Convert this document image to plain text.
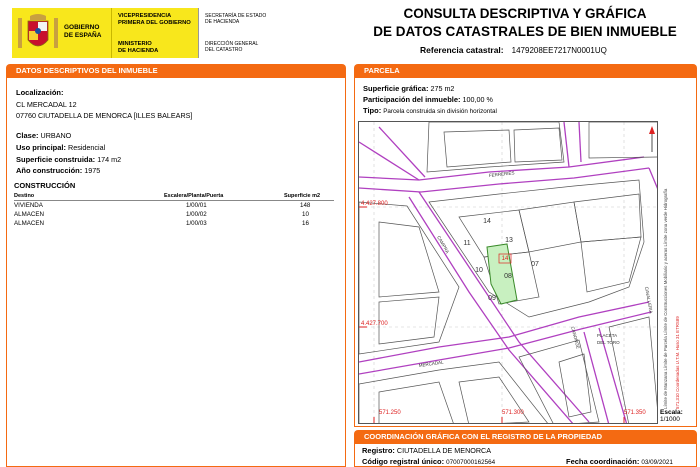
GOBIERNO
DE ESPAÑA
VICEPRESIDENCIA
PRIMERA DEL GOBIERNO
MINISTERIO
DE HACIENDA
SECRETARÍA DE ESTADO
DE HACIENDA
DIRECCIÓN GENERAL
DEL CATASTRO
CONSULTA DESCRIPTIVA Y GRÁFICA
DE DATOS CATASTRALES DE BIEN INMUEBLE
Referencia catastral: 1479208EE7217N0001UQ
DATOS DESCRIPTIVOS DEL INMUEBLE
Localización:
CL MERCADAL 12
07760 CIUTADELLA DE MENORCA [ILLES BALEARS]
Clase: URBANO
Uso principal: Residencial
Superficie construida: 174 m2
Año construcción: 1975
CONSTRUCCIÓN
Destino	Escalera/Planta/Puerta	Superficie m2
VIVIENDA	1/00/01	148
ALMACEN	1/00/02	10
ALMACEN	1/00/03	16
PARCELA
Superficie gráfica: 275 m2
Participación del inmueble: 100,00 %
Tipo: Parcela construida sin división horizontal
14
13
11
10
09
08
07
14
FERRERIES
CAMPRA
MERCADAL
PLACETA
DEL TORO
CANONGE
CAVALLERIA
4.427.800
4.427.700
571.250	571.300	571.350
Límite de Manzana Límite de Parcela Límite de Construcciones Mobiliario y aceras Límite zona verde Hidrografía 571,310 Coordenadas U.T.M. Huso 31 ETRS89
Escala:
1/1000
COORDINACIÓN GRÁFICA CON EL REGISTRO DE LA PROPIEDAD
Registro: CIUTADELLA DE MENORCA
Código registral único: 07007000162564	Fecha coordinación: 03/09/2021
